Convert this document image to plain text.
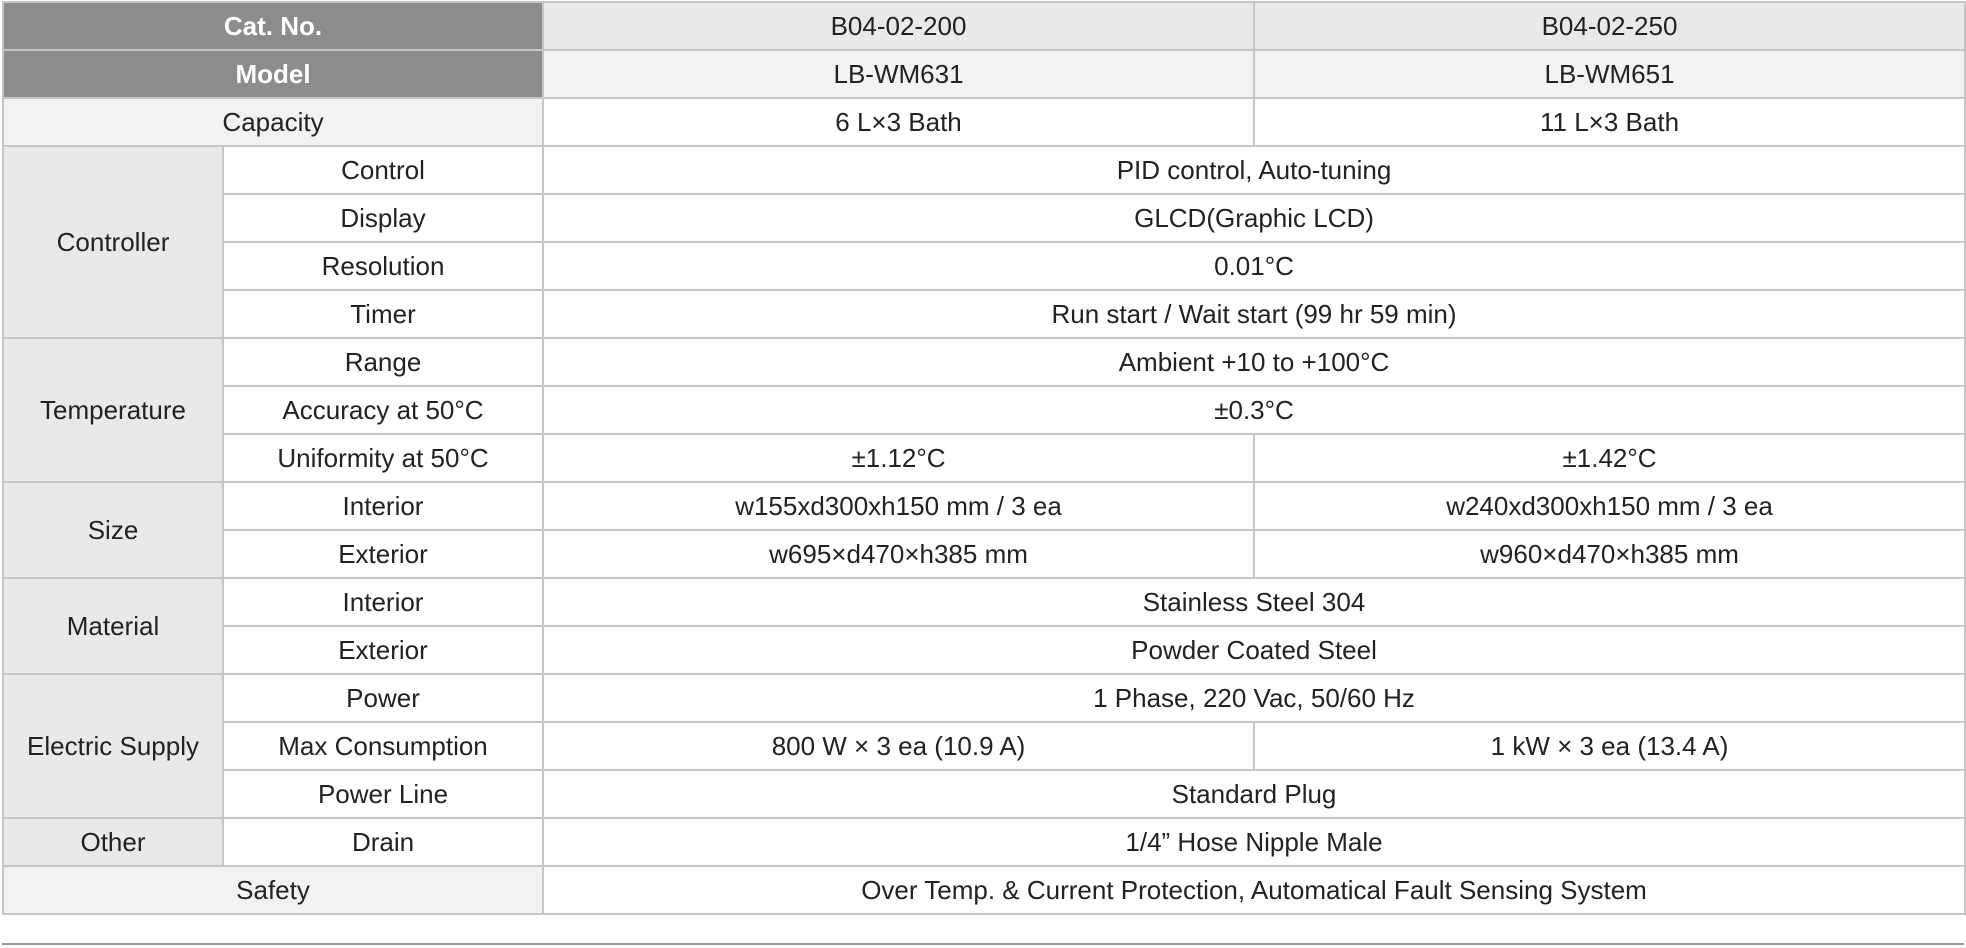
Cat. No.		B04-02-200	B04-02-250
Model		LB-WM631	LB-WM651
Capacity		6 L×3 Bath	11 L×3 Bath
Controller	Control	PID control, Auto-tuning	
	Display	GLCD(Graphic LCD)	
	Resolution	0.01°C	
	Timer	Run start / Wait start (99 hr 59 min)	
Temperature	Range	Ambient +10 to +100°C	
	Accuracy at 50°C	±0.3°C	
	Uniformity at 50°C	±1.12°C	±1.42°C
Size	Interior	w155xd300xh150 mm / 3 ea	w240xd300xh150 mm / 3 ea
	Exterior	w695×d470×h385 mm	w960×d470×h385 mm
Material	Interior	Stainless Steel 304	
	Exterior	Powder Coated Steel	
Electric Supply	Power	1 Phase, 220 Vac, 50/60 Hz	
	Max Consumption	800 W × 3 ea (10.9 A)	1 kW × 3 ea (13.4 A)
	Power Line	Standard Plug	
Other	Drain	1/4” Hose Nipple Male	
Safety		Over Temp. & Current Protection, Automatical Fault Sensing System	
